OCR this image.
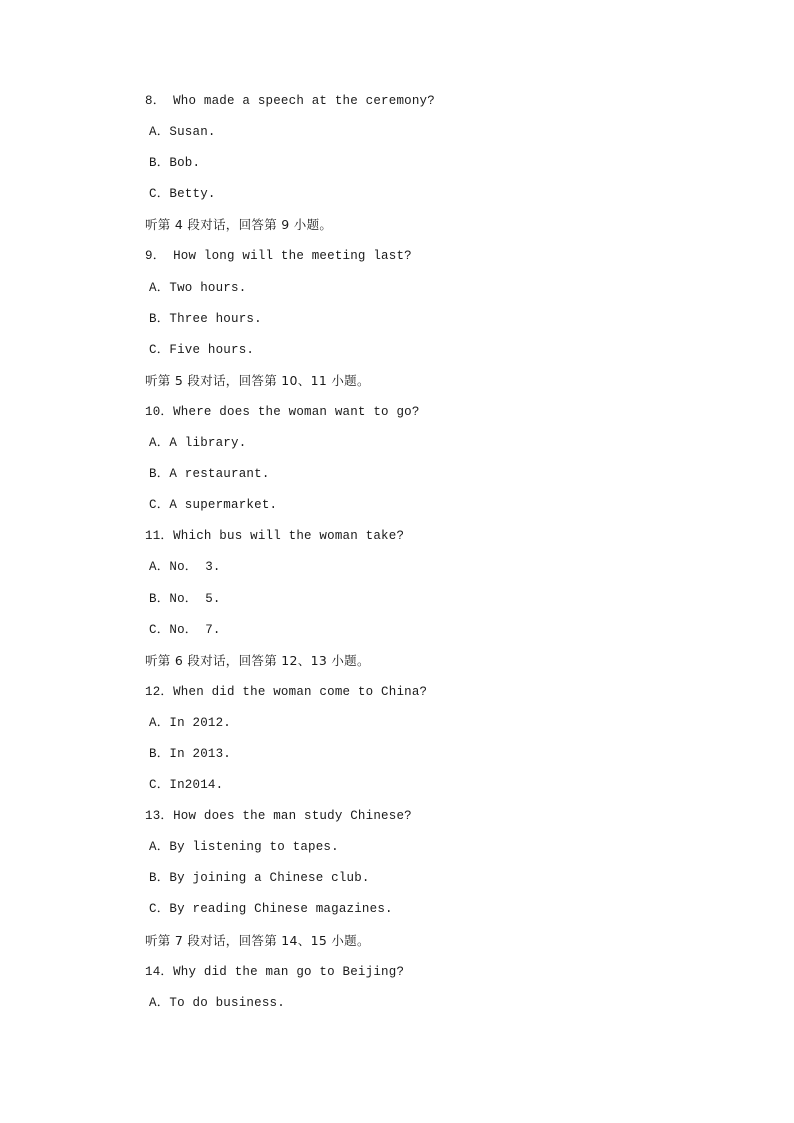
8． Who made a speech at the ceremony?

A．Susan.

B．Bob.

C．Betty.

听第 4 段对话，回答第 9 小题。

9． How long will the meeting last?

A．Two hours.

B．Three hours.

C．Five hours.

听第 5 段对话，回答第 10、11 小题。

10．Where does the woman want to go?

A．A library.

B．A restaurant.

C．A supermarket.

11．Which bus will the woman take?

A．No． 3.

B．No． 5.

C．No． 7.

听第 6 段对话，回答第 12、13 小题。

12．When did the woman come to China?

A．In 2012.

B．In 2013.

C．In2014.

13．How does the man study Chinese?

A．By listening to tapes.

B．By joining a Chinese club.

C．By reading Chinese magazines.

听第 7 段对话，回答第 14、15 小题。

14．Why did the man go to Beijing?

A．To do business.
